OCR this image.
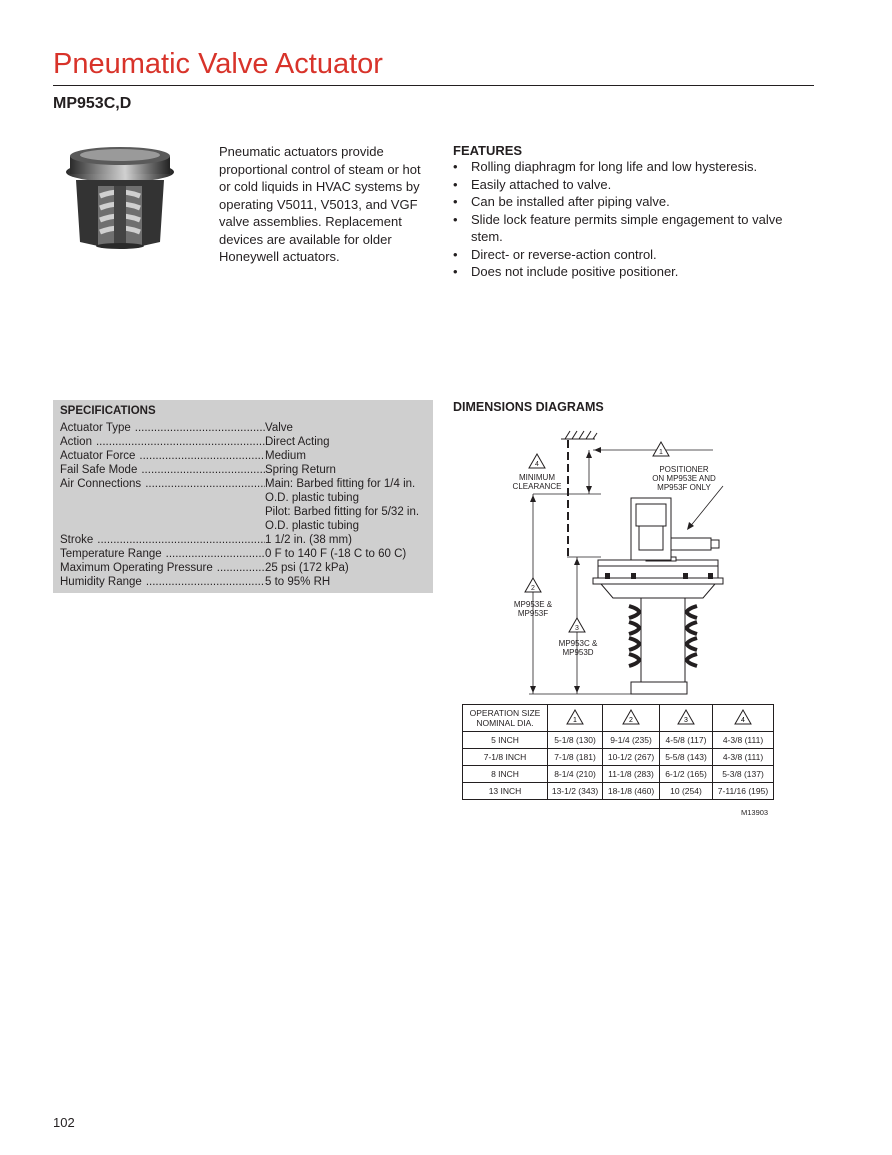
Pneumatic Valve Actuator
MP953C,D

Pneumatic actuators provide proportional control of steam or hot or cold liquids in HVAC systems by operating V5011, V5013, and VGF valve assemblies. Replacement devices are available for older Honeywell actuators.

FEATURES
• Rolling diaphragm for long life and low hysteresis.
• Easily attached to valve.
• Can be installed after piping valve.
• Slide lock feature permits simple engagement to valve stem.
• Direct- or reverse-action control.
• Does not include positive positioner.
SPECIFICATIONS
Actuator Type .....	Valve
Action .....	Direct Acting
Actuator Force .....	Medium
Fail Safe Mode .....	Spring Return
Air Connections .....	Main: Barbed fitting for 1/4 in.
O.D. plastic tubing
Pilot: Barbed fitting for 5/32 in.
O.D. plastic tubing
Stroke .....	1 1/2 in. (38 mm)
Temperature Range .....	0 F to 140 F (-18 C to 60 C)
Maximum Operating Pressure .....	25 psi (172 kPa)
Humidity Range .....	5 to 95% RH
DIMENSIONS DIAGRAMS
1
4
2
3
POSITIONER
ON MP953E AND
MP953F ONLY
MINIMUM
CLEARANCE
MP953E &
MP953F
MP953C &
MP953D
OPERATION SIZE
NOMINAL DIA.	1	2	3	4

5 INCH	5-1/8 (130)	9-1/4 (235)	4-5/8 (117)	4-3/8 (111)
7-1/8 INCH	7-1/8 (181)	10-1/2 (267)	5-5/8 (143)	4-3/8 (111)
8 INCH	8-1/4 (210)	11-1/8 (283)	6-1/2 (165)	5-3/8 (137)
13 INCH	13-1/2 (343)	18-1/8 (460)	10 (254)	7-11/16 (195)
M13903
102
